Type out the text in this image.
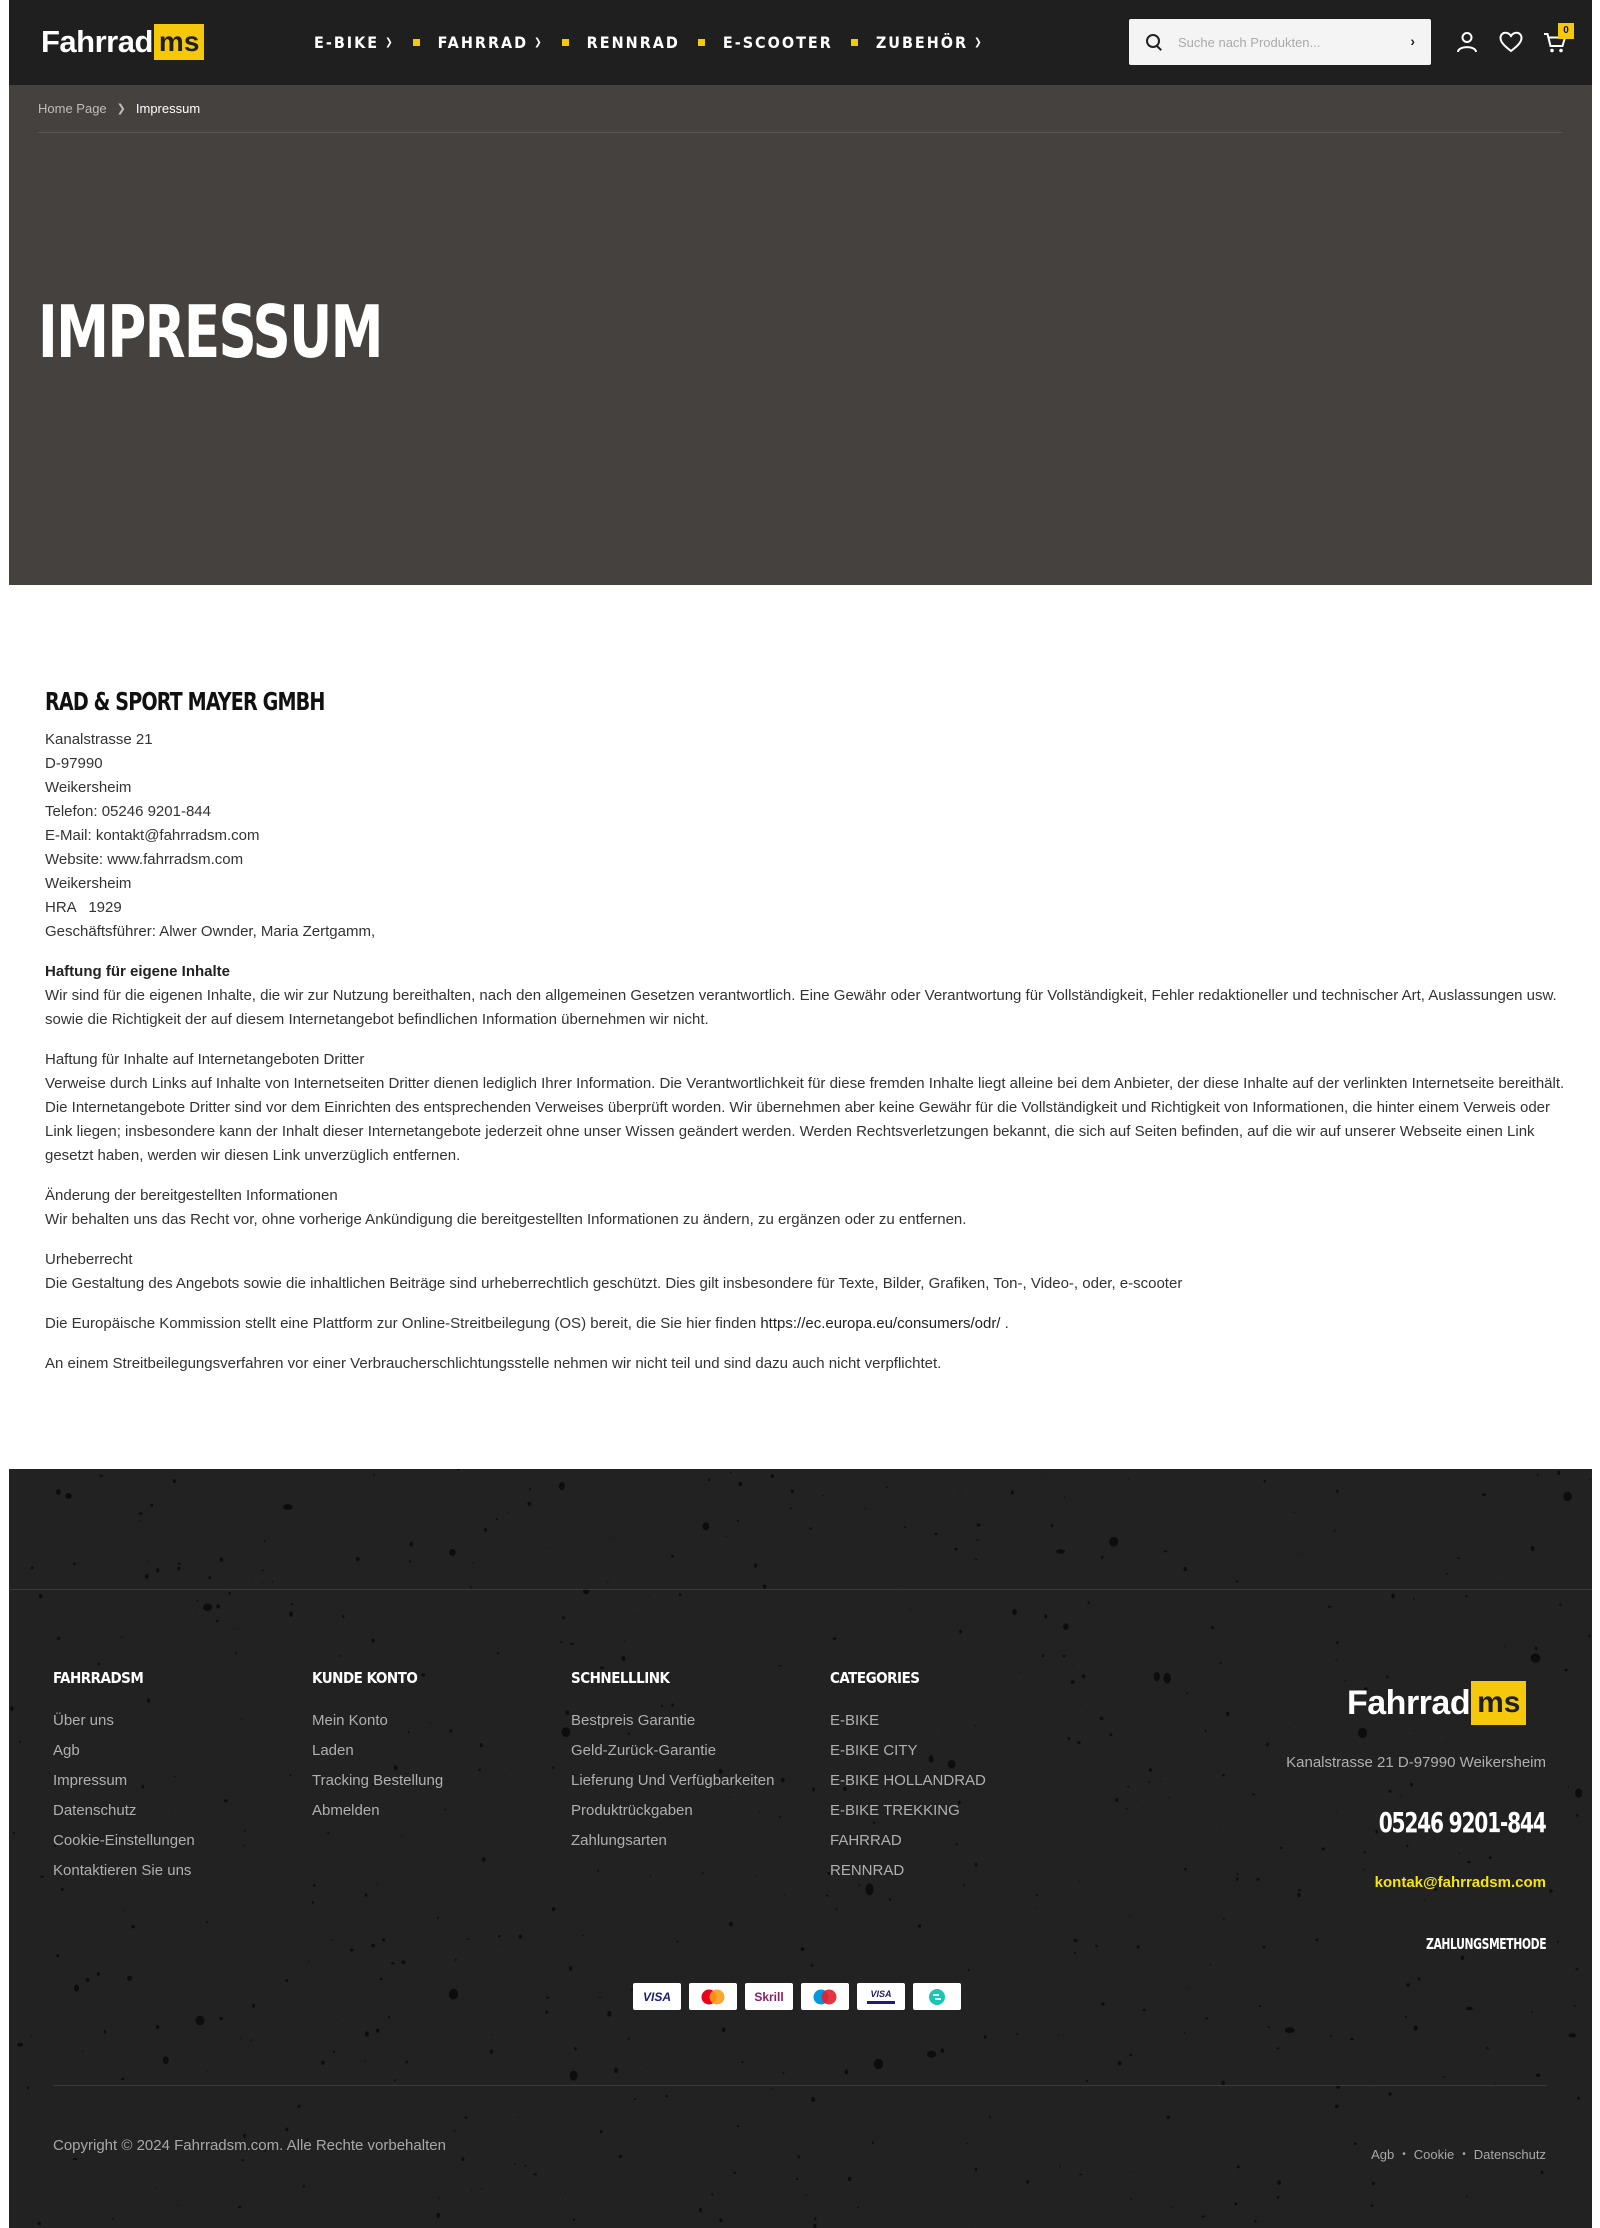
Fahrrad ms	E-BIKE ❯	FAHRRAD ❯	RENNRAD	E-SCOOTER	ZUBEHÖR ❯
Suche nach Produkten...	›
0
Home Page ❯ Impressum
IMPRESSUM
RAD & SPORT MAYER GMBH
Kanalstrasse 21
D-97990
Weikersheim
Telefon: 05246 9201-844
E-Mail: kontakt@fahrradsm.com
Website: www.fahrradsm.com
Weikersheim
HRA   1929
Geschäftsführer: Alwer Ownder, Maria Zertgamm,
Haftung für eigene Inhalte
Wir sind für die eigenen Inhalte, die wir zur Nutzung bereithalten, nach den allgemeinen Gesetzen verantwortlich. Eine Gewähr oder Verantwortung für Vollständigkeit, Fehler redaktioneller und technischer Art, Auslassungen usw. sowie die Richtigkeit der auf diesem Internetangebot befindlichen Information übernehmen wir nicht.
Haftung für Inhalte auf Internetangeboten Dritter
Verweise durch Links auf Inhalte von Internetseiten Dritter dienen lediglich Ihrer Information. Die Verantwortlichkeit für diese fremden Inhalte liegt alleine bei dem Anbieter, der diese Inhalte auf der verlinkten Internetseite bereithält. Die Internetangebote Dritter sind vor dem Einrichten des entsprechenden Verweises überprüft worden. Wir übernehmen aber keine Gewähr für die Vollständigkeit und Richtigkeit von Informationen, die hinter einem Verweis oder Link liegen; insbesondere kann der Inhalt dieser Internetangebote jederzeit ohne unser Wissen geändert werden. Werden Rechtsverletzungen bekannt, die sich auf Seiten befinden, auf die wir auf unserer Webseite einen Link gesetzt haben, werden wir diesen Link unverzüglich entfernen.
Änderung der bereitgestellten Informationen
Wir behalten uns das Recht vor, ohne vorherige Ankündigung die bereitgestellten Informationen zu ändern, zu ergänzen oder zu entfernen.
Urheberrecht
Die Gestaltung des Angebots sowie die inhaltlichen Beiträge sind urheberrechtlich geschützt. Dies gilt insbesondere für Texte, Bilder, Grafiken, Ton-, Video-, oder, e-scooter
Die Europäische Kommission stellt eine Plattform zur Online-Streitbeilegung (OS) bereit, die Sie hier finden https://ec.europa.eu/consumers/odr/ .
An einem Streitbeilegungsverfahren vor einer Verbraucherschlichtungsstelle nehmen wir nicht teil und sind dazu auch nicht verpflichtet.
FAHRRADSM
Über uns
Agb
Impressum
Datenschutz
Cookie-Einstellungen
Kontaktieren Sie uns
KUNDE KONTO
Mein Konto
Laden
Tracking Bestellung
Abmelden
SCHNELLLINK
Bestpreis Garantie
Geld-Zurück-Garantie
Lieferung Und Verfügbarkeiten
Produktrückgaben
Zahlungsarten
CATEGORIES
E-BIKE
E-BIKE CITY
E-BIKE HOLLANDRAD
E-BIKE TREKKING
FAHRRAD
RENNRAD
Fahrrad ms
Kanalstrasse 21 D-97990 Weikersheim
05246 9201-844
kontak@fahrradsm.com
ZAHLUNGSMETHODE
VISA	Skrill	VISA
Copyright © 2024 Fahrradsm.com. Alle Rechte vorbehalten
Agb • Cookie • Datenschutz
